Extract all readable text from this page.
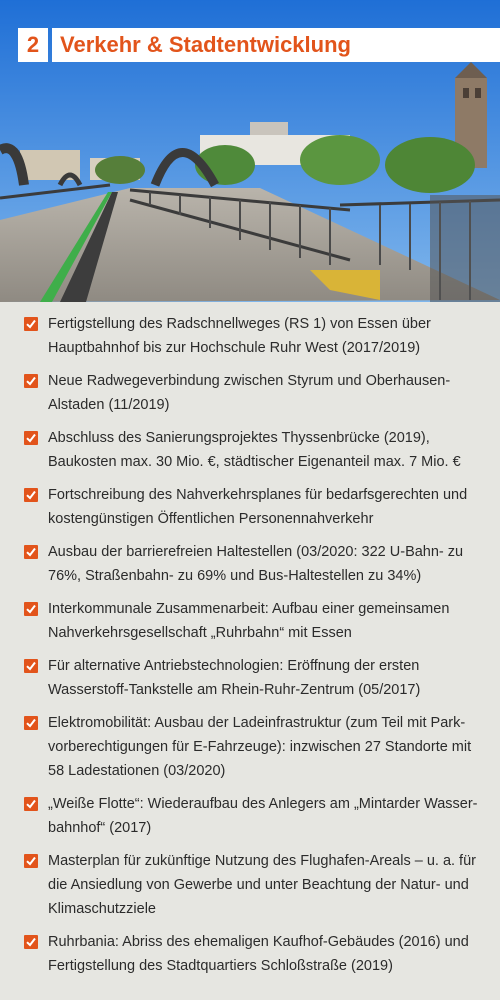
2 Verkehr & Stadtentwicklung
Fertigstellung des Radschnellweges (RS 1) von Essen über Hauptbahnhof bis zur Hochschule Ruhr West (2017/2019)
Neue Radwegeverbindung zwischen Styrum und Oberhausen-Alstaden (11/2019)
Abschluss des Sanierungsprojektes Thyssenbrücke (2019), Baukosten max. 30 Mio. €, städtischer Eigenanteil max. 7 Mio. €
Fortschreibung des Nahverkehrsplanes für bedarfsgerechten und kostengünstigen Öffentlichen Personennahverkehr
Ausbau der barrierefreien Haltestellen (03/2020: 322 U-Bahn- zu 76%, Straßenbahn- zu 69% und Bus-Haltestellen zu 34%)
Interkommunale Zusammenarbeit: Aufbau einer gemeinsamen Nahverkehrsgesellschaft „Ruhrbahn“ mit Essen
Für alternative Antriebstechnologien: Eröffnung der ersten Wasserstoff-Tankstelle am Rhein-Ruhr-Zentrum (05/2017)
Elektromobilität: Ausbau der Ladeinfrastruktur (zum Teil mit Park-vorberechtigungen für E-Fahrzeuge): inzwischen 27 Standorte mit 58 Ladestationen (03/2020)
„Weiße Flotte“: Wiederaufbau des Anlegers am „Mintarder Wasser-bahnhof“ (2017)
Masterplan für zukünftige Nutzung des Flughafen-Areals – u. a. für die Ansiedlung von Gewerbe und unter Beachtung der Natur- und Klimaschutzziele
Ruhrbania: Abriss des ehemaligen Kaufhof-Gebäudes (2016) und Fertigstellung des Stadtquartiers Schloßstraße (2019)
